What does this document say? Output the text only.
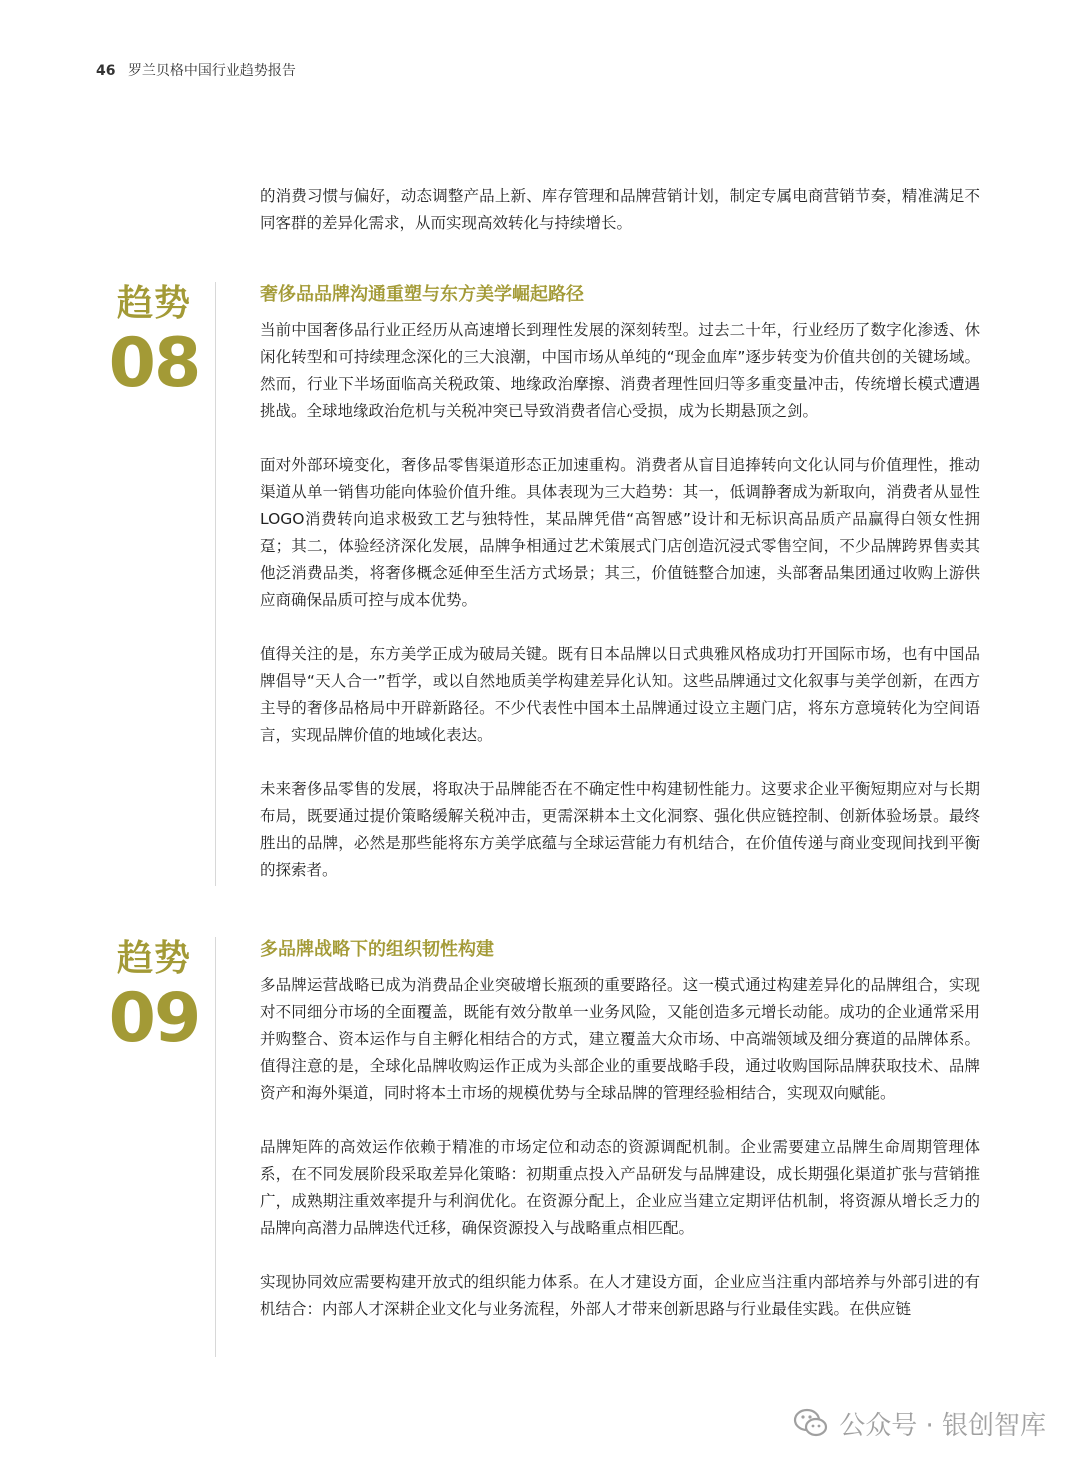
46 罗兰贝格中国行业趋势报告

的消费习惯与偏好，动态调整产品上新、库存管理和品牌营销计划，制定专属电商营销节奏，精准满足不同客群的差异化需求，从而实现高效转化与持续增长。

趋势
08
奢侈品品牌沟通重塑与东方美学崛起路径

当前中国奢侈品行业正经历从高速增长到理性发展的深刻转型。过去二十年，行业经历了数字化渗透、休闲化转型和可持续理念深化的三大浪潮，中国市场从单纯的“现金血库”逐步转变为价值共创的关键场域。然而，行业下半场面临高关税政策、地缘政治摩擦、消费者理性回归等多重变量冲击，传统增长模式遭遇挑战。全球地缘政治危机与关税冲突已导致消费者信心受损，成为长期悬顶之剑。

面对外部环境变化，奢侈品零售渠道形态正加速重构。消费者从盲目追捧转向文化认同与价值理性，推动渠道从单一销售功能向体验价值升维。具体表现为三大趋势：其一，低调静奢成为新取向，消费者从显性LOGO消费转向追求极致工艺与独特性，某品牌凭借“高智感”设计和无标识高品质产品赢得白领女性拥趸；其二，体验经济深化发展，品牌争相通过艺术策展式门店创造沉浸式零售空间，不少品牌跨界售卖其他泛消费品类，将奢侈概念延伸至生活方式场景；其三，价值链整合加速，头部奢品集团通过收购上游供应商确保品质可控与成本优势。

值得关注的是，东方美学正成为破局关键。既有日本品牌以日式典雅风格成功打开国际市场，也有中国品牌倡导“天人合一”哲学，或以自然地质美学构建差异化认知。这些品牌通过文化叙事与美学创新，在西方主导的奢侈品格局中开辟新路径。不少代表性中国本土品牌通过设立主题门店，将东方意境转化为空间语言，实现品牌价值的地域化表达。

未来奢侈品零售的发展，将取决于品牌能否在不确定性中构建韧性能力。这要求企业平衡短期应对与长期布局，既要通过提价策略缓解关税冲击，更需深耕本土文化洞察、强化供应链控制、创新体验场景。最终胜出的品牌，必然是那些能将东方美学底蕴与全球运营能力有机结合，在价值传递与商业变现间找到平衡的探索者。

趋势
09
多品牌战略下的组织韧性构建

多品牌运营战略已成为消费品企业突破增长瓶颈的重要路径。这一模式通过构建差异化的品牌组合，实现对不同细分市场的全面覆盖，既能有效分散单一业务风险，又能创造多元增长动能。成功的企业通常采用并购整合、资本运作与自主孵化相结合的方式，建立覆盖大众市场、中高端领域及细分赛道的品牌体系。值得注意的是，全球化品牌收购运作正成为头部企业的重要战略手段，通过收购国际品牌获取技术、品牌资产和海外渠道，同时将本土市场的规模优势与全球品牌的管理经验相结合，实现双向赋能。

品牌矩阵的高效运作依赖于精准的市场定位和动态的资源调配机制。企业需要建立品牌生命周期管理体系，在不同发展阶段采取差异化策略：初期重点投入产品研发与品牌建设，成长期强化渠道扩张与营销推广，成熟期注重效率提升与利润优化。在资源分配上，企业应当建立定期评估机制，将资源从增长乏力的品牌向高潜力品牌迭代迁移，确保资源投入与战略重点相匹配。

实现协同效应需要构建开放式的组织能力体系。在人才建设方面，企业应当注重内部培养与外部引进的有机结合：内部人才深耕企业文化与业务流程，外部人才带来创新思路与行业最佳实践。在供应链

公众号 · 银创智库
